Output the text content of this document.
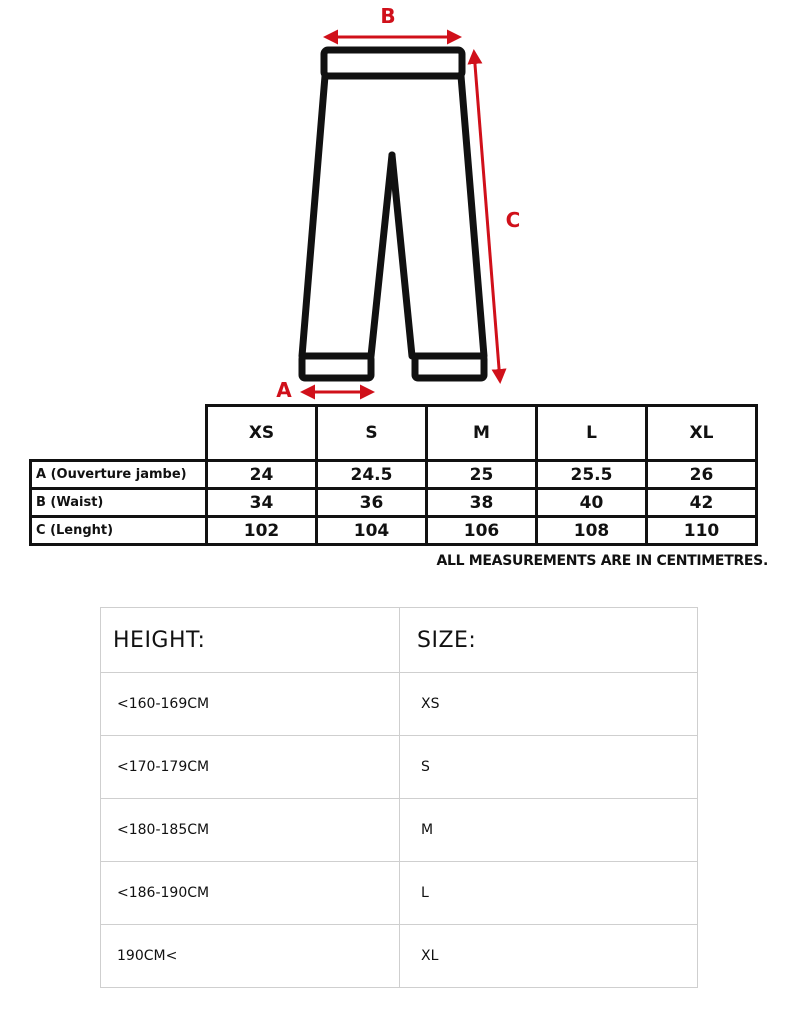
B
C
A
	XS	S	M	L	XL
A (Ouverture jambe)	24	24.5	25	25.5	26
B (Waist)	34	36	38	40	42
C (Lenght)	102	104	106	108	110
ALL MEASUREMENTS ARE IN CENTIMETRES.
HEIGHT:	SIZE:
<160-169CM	XS
<170-179CM	S
<180-185CM	M
<186-190CM	L
190CM<	XL
